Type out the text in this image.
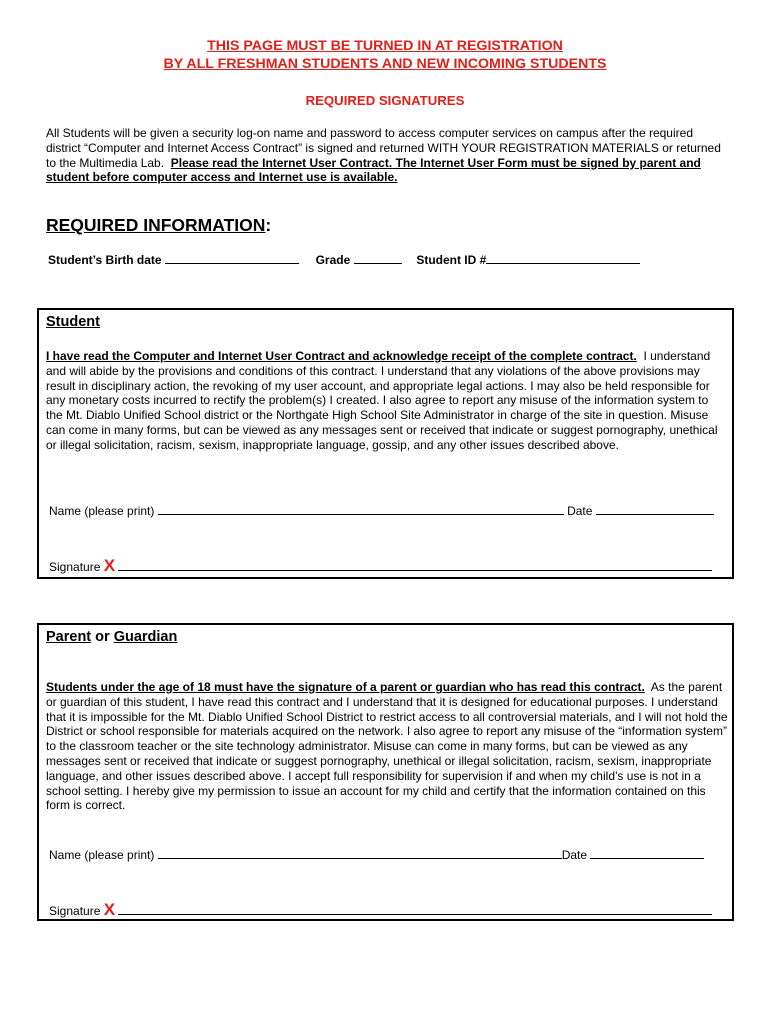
THIS PAGE MUST BE TURNED IN AT REGISTRATION
BY ALL FRESHMAN STUDENTS AND NEW INCOMING STUDENTS
REQUIRED SIGNATURES
All Students will be given a security log-on name and password to access computer services on campus after the required district “Computer and Internet Access Contract” is signed and returned WITH YOUR REGISTRATION MATERIALS or returned to the Multimedia Lab. Please read the Internet User Contract. The Internet User Form must be signed by parent and student before computer access and Internet use is available.
REQUIRED INFORMATION:
Student’s Birth date	Grade	Student ID #
Student
I have read the Computer and Internet User Contract and acknowledge receipt of the complete contract. I understand and will abide by the provisions and conditions of this contract. I understand that any violations of the above provisions may result in disciplinary action, the revoking of my user account, and appropriate legal actions. I may also be held responsible for any monetary costs incurred to rectify the problem(s) I created. I also agree to report any misuse of the information system to the Mt. Diablo Unified School district or the Northgate High School Site Administrator in charge of the site in question. Misuse can come in many forms, but can be viewed as any messages sent or received that indicate or suggest pornography, unethical or illegal solicitation, racism, sexism, inappropriate language, gossip, and any other issues described above.
Name (please print)	Date
Signature X
Parent or Guardian
Students under the age of 18 must have the signature of a parent or guardian who has read this contract. As the parent or guardian of this student, I have read this contract and I understand that it is designed for educational purposes. I understand that it is impossible for the Mt. Diablo Unified School District to restrict access to all controversial materials, and I will not hold the District or school responsible for materials acquired on the network. I also agree to report any misuse of the “information system” to the classroom teacher or the site technology administrator. Misuse can come in many forms, but can be viewed as any messages sent or received that indicate or suggest pornography, unethical or illegal solicitation, racism, sexism, inappropriate language, and other issues described above. I accept full responsibility for supervision if and when my child’s use is not in a school setting. I hereby give my permission to issue an account for my child and certify that the information contained on this form is correct.
Name (please print)	Date
Signature X
